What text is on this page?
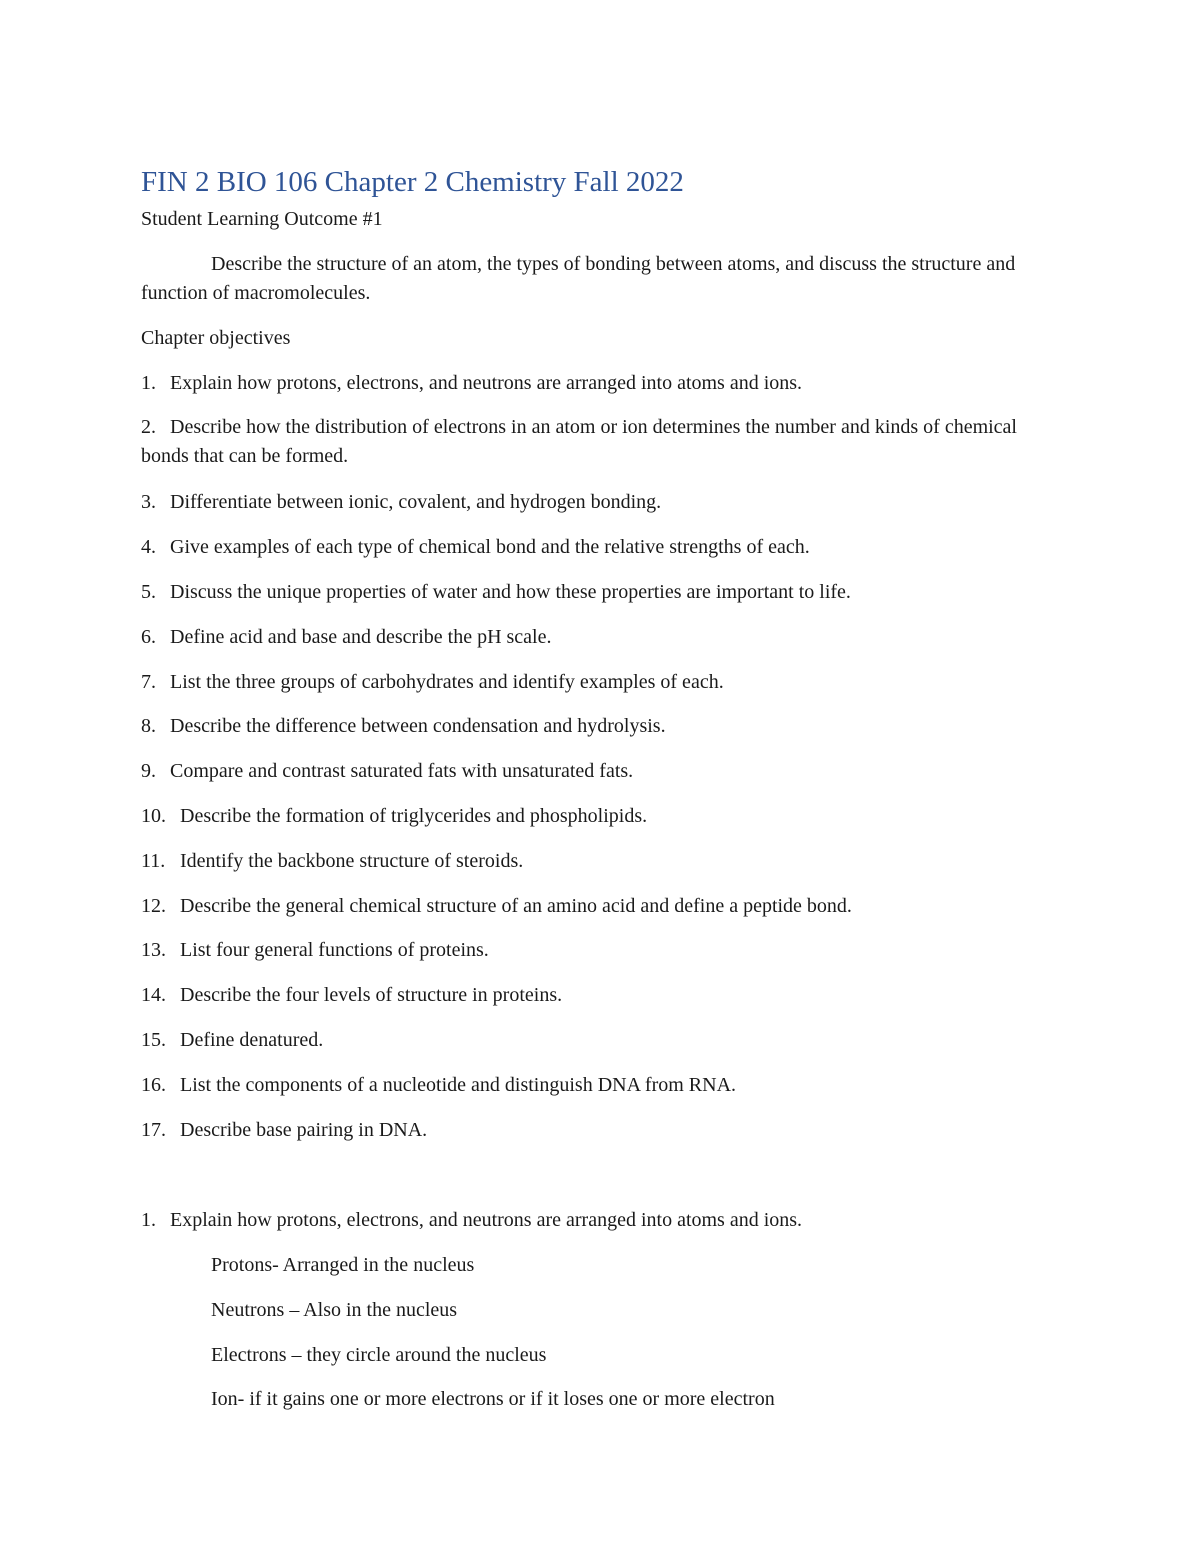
FIN 2 BIO 106 Chapter 2 Chemistry Fall 2022

Student Learning Outcome #1

Describe the structure of an atom, the types of bonding between atoms, and discuss the structure and function of macromolecules.

Chapter objectives

1. Explain how protons, electrons, and neutrons are arranged into atoms and ions.

2. Describe how the distribution of electrons in an atom or ion determines the number and kinds of chemical bonds that can be formed.

3. Differentiate between ionic, covalent, and hydrogen bonding.

4. Give examples of each type of chemical bond and the relative strengths of each.

5. Discuss the unique properties of water and how these properties are important to life.

6. Define acid and base and describe the pH scale.

7. List the three groups of carbohydrates and identify examples of each.

8. Describe the difference between condensation and hydrolysis.

9. Compare and contrast saturated fats with unsaturated fats.

10. Describe the formation of triglycerides and phospholipids.

11. Identify the backbone structure of steroids.

12. Describe the general chemical structure of an amino acid and define a peptide bond.

13. List four general functions of proteins.

14. Describe the four levels of structure in proteins.

15. Define denatured.

16. List the components of a nucleotide and distinguish DNA from RNA.

17. Describe base pairing in DNA.

1. Explain how protons, electrons, and neutrons are arranged into atoms and ions.

Protons- Arranged in the nucleus

Neutrons – Also in the nucleus

Electrons – they circle around the nucleus

Ion- if it gains one or more electrons or if it loses one or more electron
